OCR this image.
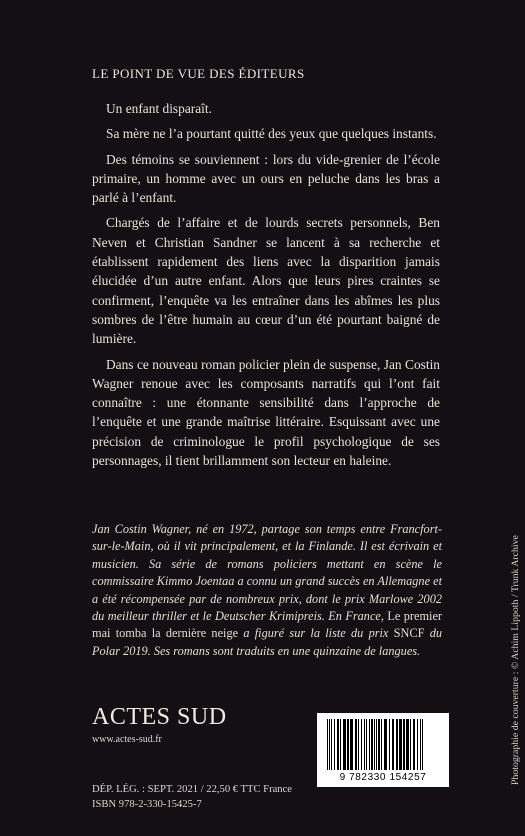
LE POINT DE VUE DES ÉDITEURS

Un enfant disparaît.

Sa mère ne l’a pourtant quitté des yeux que quelques instants.

Des témoins se souviennent : lors du vide-grenier de l’école primaire, un homme avec un ours en peluche dans les bras a parlé à l’enfant.

Chargés de l’affaire et de lourds secrets personnels, Ben Neven et Christian Sandner se lancent à sa recherche et établissent rapidement des liens avec la disparition jamais élucidée d’un autre enfant. Alors que leurs pires craintes se confirment, l’enquête va les entraîner dans les abîmes les plus sombres de l’être humain au cœur d’un été pourtant baigné de lumière.

Dans ce nouveau roman policier plein de suspense, Jan Costin Wagner renoue avec les composants narratifs qui l’ont fait connaître : une étonnante sensibilité dans l’approche de l’enquête et une grande maîtrise littéraire. Esquissant avec une précision de criminologue le profil psychologique de ses personnages, il tient brillamment son lecteur en haleine.

Jan Costin Wagner, né en 1972, partage son temps entre Francfort-sur-le-Main, où il vit principalement, et la Finlande. Il est écrivain et musicien. Sa série de romans policiers mettant en scène le commissaire Kimmo Joentaa a connu un grand succès en Allemagne et a été récompensée par de nombreux prix, dont le prix Marlowe 2002 du meilleur thriller et le Deutscher Krimipreis. En France, Le premier mai tomba la dernière neige a figuré sur la liste du prix SNCF du Polar 2019. Ses romans sont traduits en une quinzaine de langues.
ACTES SUD
www.actes-sud.fr
DÉP. LÉG. : SEPT. 2021 / 22,50 € TTC France
ISBN 978-2-330-15425-7
9 782330 154257	Photographie de couverture : © Achim Lippoth / Trunk Archive
